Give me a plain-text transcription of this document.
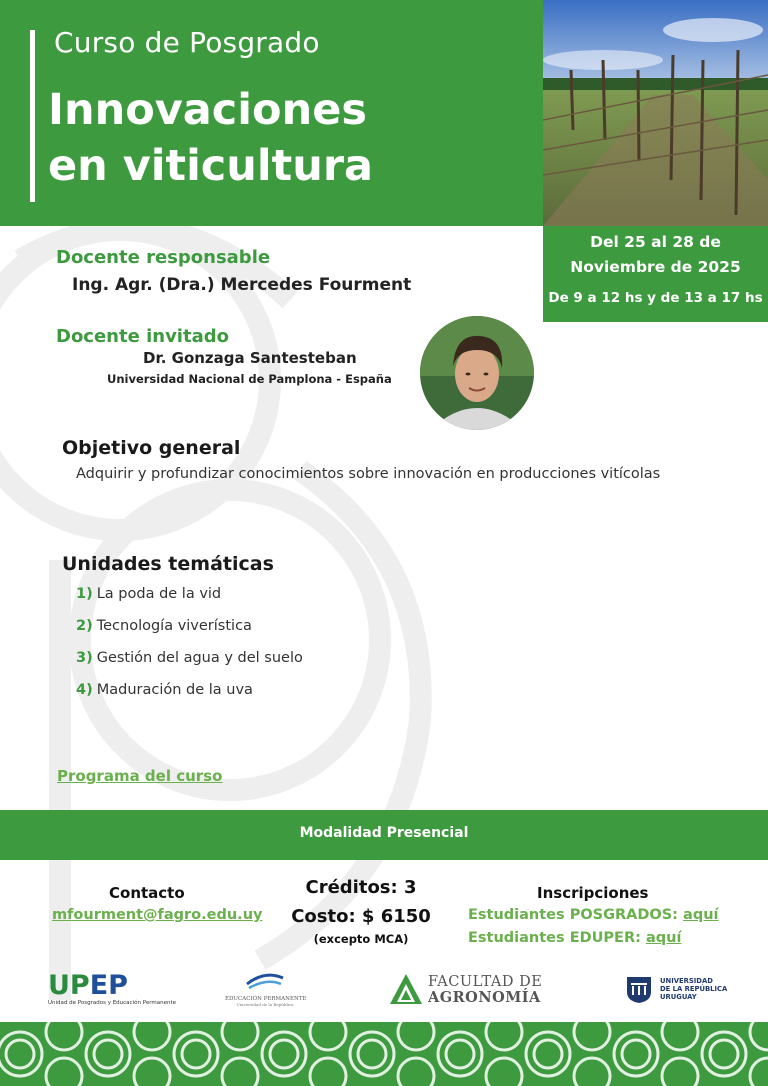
Curso de Posgrado
Innovaciones
en viticultura
Del 25 al 28 de
Noviembre de 2025
De 9 a 12 hs y de 13 a 17 hs
Docente responsable
Ing. Agr. (Dra.) Mercedes Fourment
Docente invitado
Dr. Gonzaga Santesteban
Universidad Nacional de Pamplona - España
Objetivo general
Adquirir y profundizar conocimientos sobre innovación en producciones vitícolas
Unidades temáticas
1) La poda de la vid
2) Tecnología viverística
3) Gestión del agua y del suelo
4) Maduración de la uva
Programa del curso
Modalidad Presencial
Contacto
mfourment@fagro.edu.uy
Créditos: 3
Costo: $ 6150
(excepto MCA)
Inscripciones
Estudiantes POSGRADOS: aquí
Estudiantes EDUPER: aquí
UPEP
Unidad de Posgrados y Educación Permanente
EDUCACIÓN PERMANENTE
Universidad de la República
FACULTAD DE
AGRONOMÍA
UNIVERSIDAD
DE LA REPÚBLICA
URUGUAY
